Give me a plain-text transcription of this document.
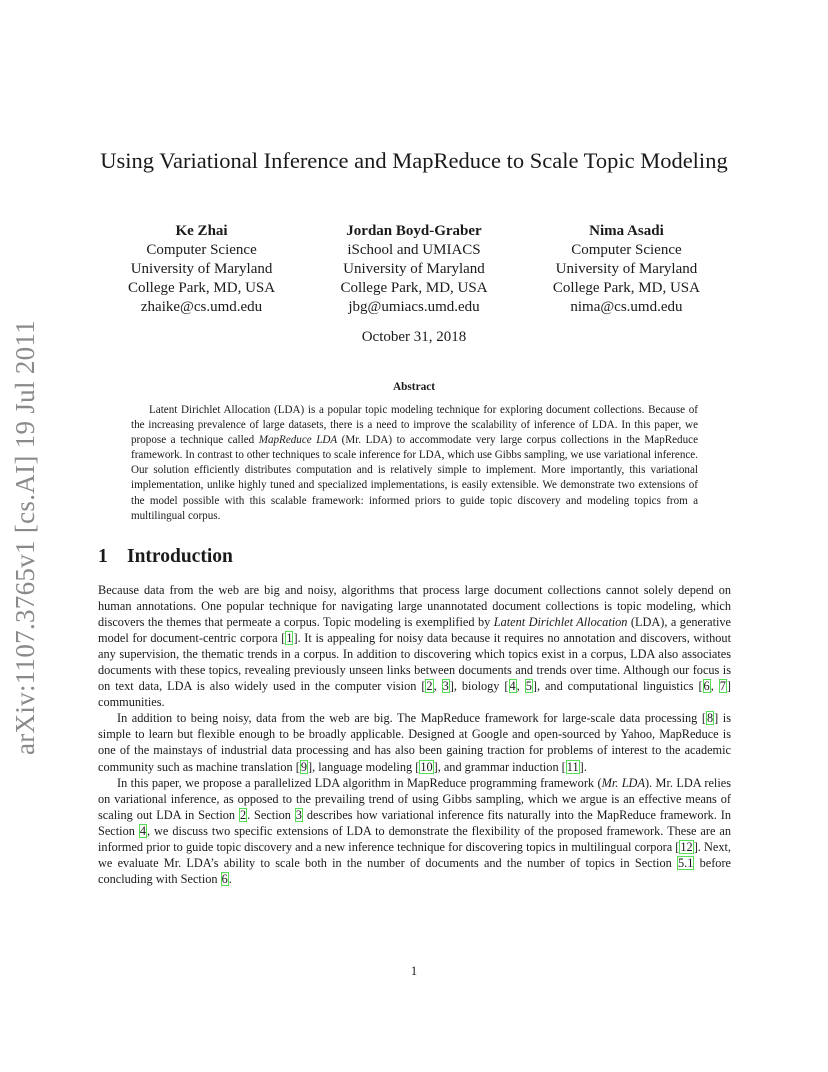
arXiv:1107.3765v1 [cs.AI] 19 Jul 2011
Using Variational Inference and MapReduce to Scale Topic Modeling
Ke Zhai
Computer Science
University of Maryland
College Park, MD, USA
zhaike@cs.umd.edu
Jordan Boyd-Graber
iSchool and UMIACS
University of Maryland
College Park, MD, USA
jbg@umiacs.umd.edu
Nima Asadi
Computer Science
University of Maryland
College Park, MD, USA
nima@cs.umd.edu
October 31, 2018
Abstract

Latent Dirichlet Allocation (LDA) is a popular topic modeling technique for exploring document collections. Because of the increasing prevalence of large datasets, there is a need to improve the scalability of inference of LDA. In this paper, we propose a technique called MapReduce LDA (Mr. LDA) to accommodate very large corpus collections in the MapReduce framework. In contrast to other techniques to scale inference for LDA, which use Gibbs sampling, we use variational inference. Our solution efficiently distributes computation and is relatively simple to implement. More importantly, this variational implementation, unlike highly tuned and specialized implementations, is easily extensible. We demonstrate two extensions of the model possible with this scalable framework: informed priors to guide topic discovery and modeling topics from a multilingual corpus.

1 Introduction

Because data from the web are big and noisy, algorithms that process large document collections cannot solely depend on human annotations. One popular technique for navigating large unannotated document collections is topic modeling, which discovers the themes that permeate a corpus. Topic modeling is exemplified by Latent Dirichlet Allocation (LDA), a generative model for document-centric corpora [1]. It is appealing for noisy data because it requires no annotation and discovers, without any supervision, the thematic trends in a corpus. In addition to discovering which topics exist in a corpus, LDA also associates documents with these topics, revealing previously unseen links between documents and trends over time. Although our focus is on text data, LDA is also widely used in the computer vision [2, 3], biology [4, 5], and computational linguistics [6, 7] communities.

In addition to being noisy, data from the web are big. The MapReduce framework for large-scale data processing [8] is simple to learn but flexible enough to be broadly applicable. Designed at Google and open-sourced by Yahoo, MapReduce is one of the mainstays of industrial data processing and has also been gaining traction for problems of interest to the academic community such as machine translation [9], language modeling [10], and grammar induction [11].

In this paper, we propose a parallelized LDA algorithm in MapReduce programming framework (Mr. LDA). Mr. LDA relies on variational inference, as opposed to the prevailing trend of using Gibbs sampling, which we argue is an effective means of scaling out LDA in Section 2. Section 3 describes how variational inference fits naturally into the MapReduce framework. In Section 4, we discuss two specific extensions of LDA to demonstrate the flexibility of the proposed framework. These are an informed prior to guide topic discovery and a new inference technique for discovering topics in multilingual corpora [12]. Next, we evaluate Mr. LDA’s ability to scale both in the number of documents and the number of topics in Section 5.1 before concluding with Section 6.

1
